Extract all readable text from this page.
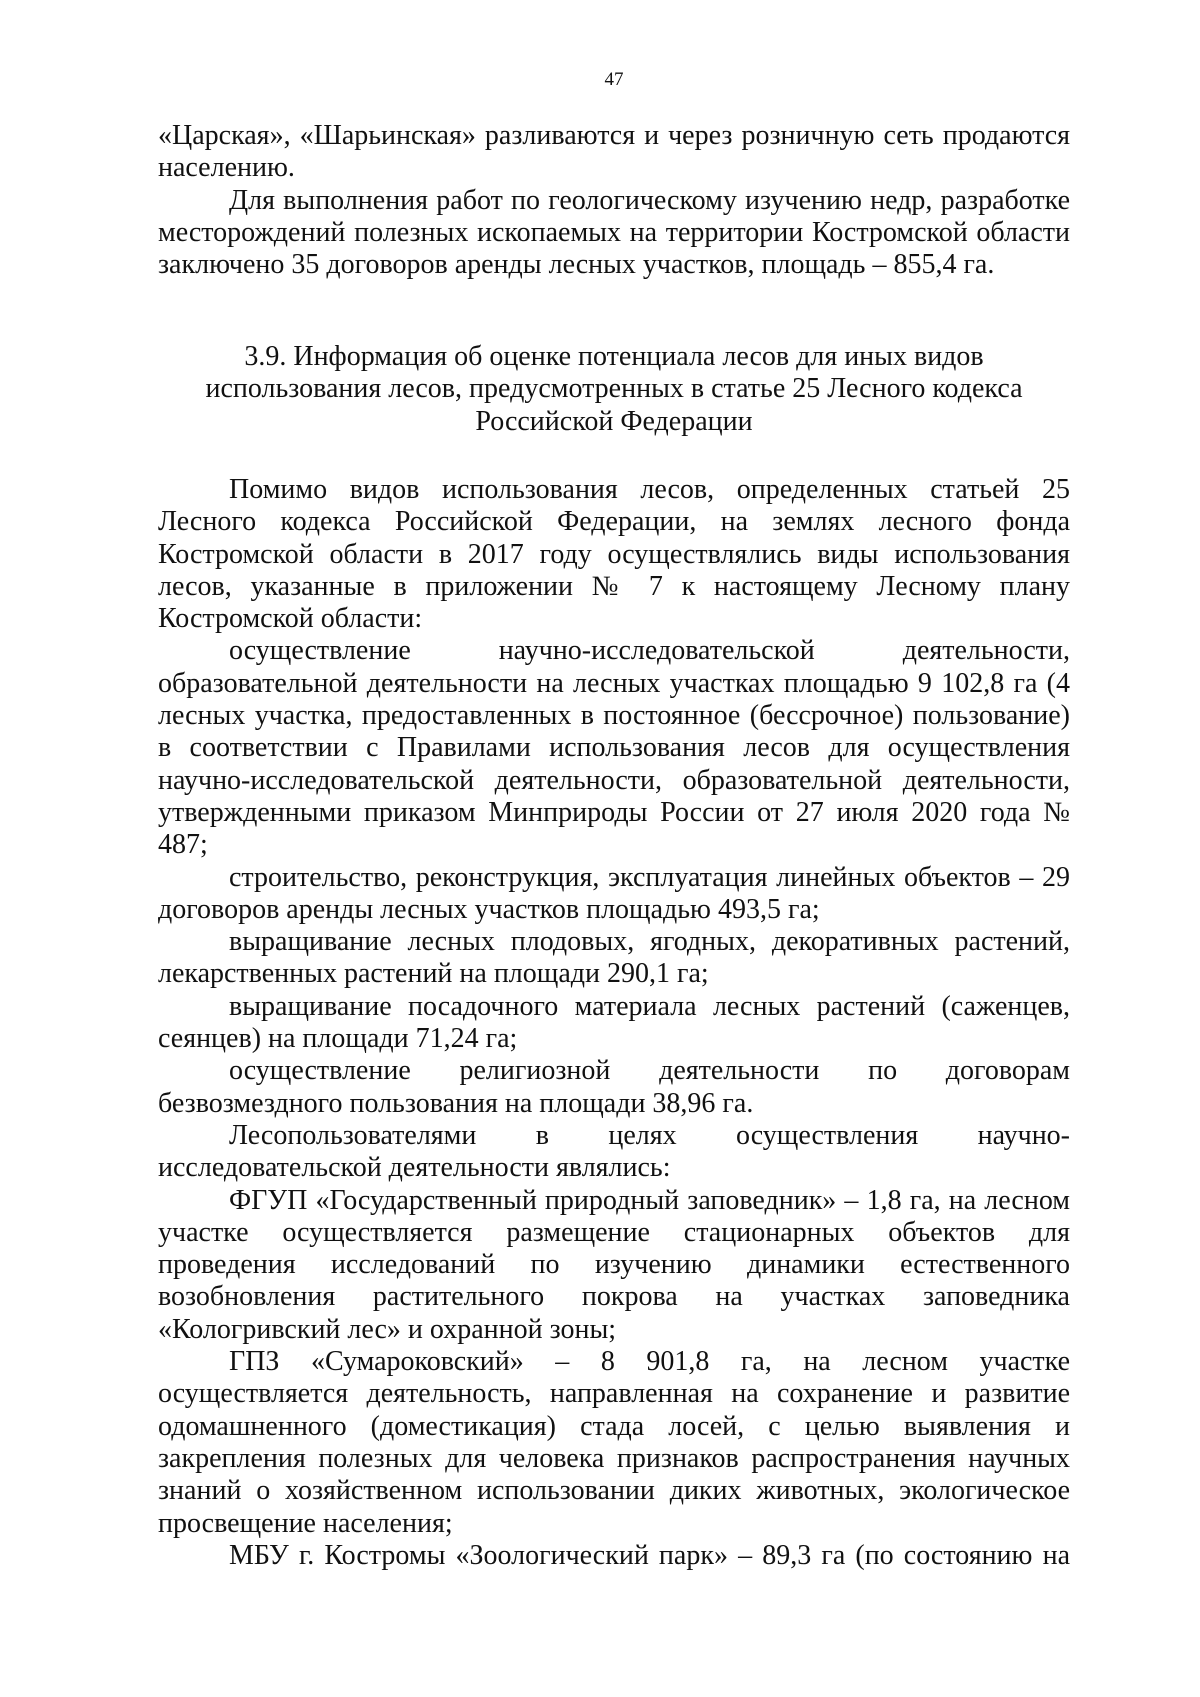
47

«Царская», «Шарьинская» разливаются и через розничную сеть продаются населению.

Для выполнения работ по геологическому изучению недр, разработке месторождений полезных ископаемых на территории Костромской области заключено 35 договоров аренды лесных участков, площадь – 855,4 га.

3.9. Информация об оценке потенциала лесов для иных видов
использования лесов, предусмотренных в статье 25 Лесного кодекса
Российской Федерации

Помимо видов использования лесов, определенных статьей 25 Лесного кодекса Российской Федерации, на землях лесного фонда Костромской области в 2017 году осуществлялись виды использования лесов, указанные в приложении № 7 к настоящему Лесному плану Костромской области:

осуществление научно-исследовательской деятельности, образовательной деятельности на лесных участках площадью 9 102,8 га (4 лесных участка, предоставленных в постоянное (бессрочное) пользование) в соответствии с Правилами использования лесов для осуществления научно-исследовательской деятельности, образовательной деятельности, утвержденными приказом Минприроды России от 27 июля 2020 года № 487;

строительство, реконструкция, эксплуатация линейных объектов – 29 договоров аренды лесных участков площадью 493,5 га;

выращивание лесных плодовых, ягодных, декоративных растений, лекарственных растений на площади 290,1 га;

выращивание посадочного материала лесных растений (саженцев, сеянцев) на площади 71,24 га;

осуществление религиозной деятельности по договорам безвозмездного пользования на площади 38,96 га.

Лесопользователями в целях осуществления научно-исследовательской деятельности являлись:

ФГУП «Государственный природный заповедник» – 1,8 га, на лесном участке осуществляется размещение стационарных объектов для проведения исследований по изучению динамики естественного возобновления растительного покрова на участках заповедника «Кологривский лес» и охранной зоны;

ГПЗ «Сумароковский» – 8 901,8 га, на лесном участке осуществляется деятельность, направленная на сохранение и развитие одомашненного (доместикация) стада лосей, с целью выявления и закрепления полезных для человека признаков распространения научных знаний о хозяйственном использовании диких животных, экологическое просвещение населения;

МБУ г. Костромы «Зоологический парк» – 89,3 га (по состоянию на
